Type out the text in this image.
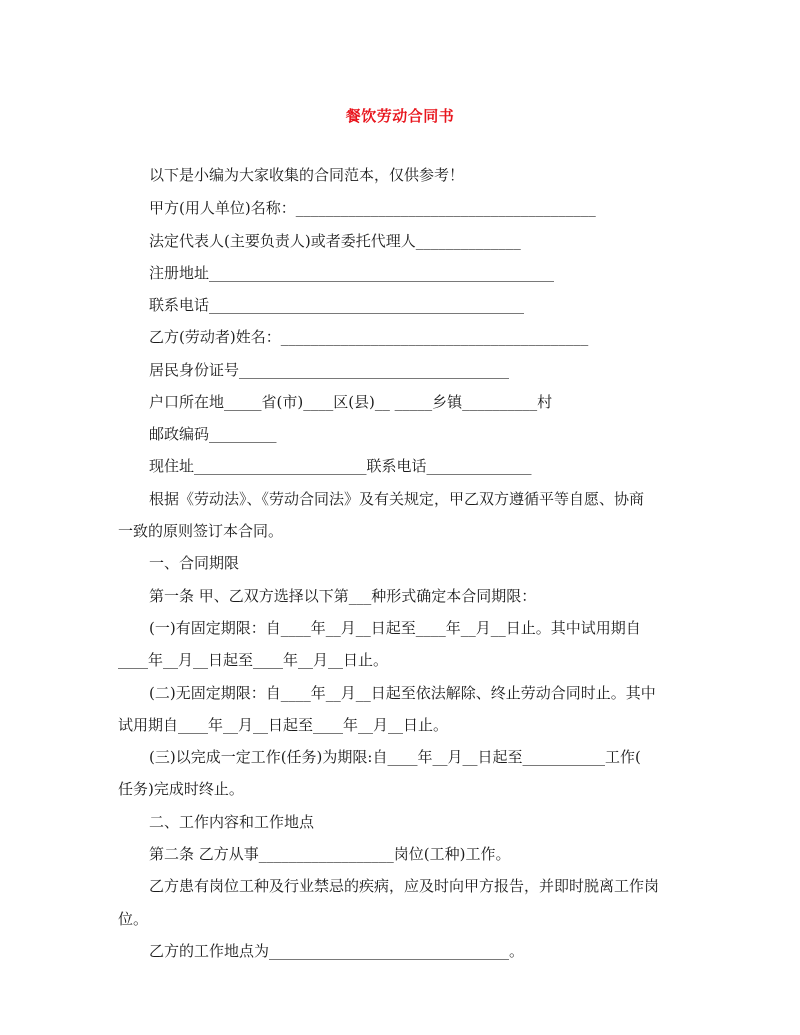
餐饮劳动合同书
以下是小编为大家收集的合同范本，仅供参考！
甲方(用人单位)名称：________________________________________
法定代表人(主要负责人)或者委托代理人______________
注册地址______________________________________________
联系电话__________________________________________
乙方(劳动者)姓名：_________________________________________
居民身份证号____________________________________
户口所在地_____省(市)____区(县)__ _____乡镇__________村
邮政编码_________
现住址_______________________联系电话______________
根据《劳动法》、《劳动合同法》及有关规定，甲乙双方遵循平等自愿、协商
一致的原则签订本合同。
一、合同期限
第一条 甲、乙双方选择以下第___种形式确定本合同期限：
(一)有固定期限：自____年__月__日起至____年__月__日止。其中试用期自
____年__月__日起至____年__月__日止。
(二)无固定期限：自____年__月__日起至依法解除、终止劳动合同时止。其中
试用期自____年__月__日起至____年__月__日止。
(三)以完成一定工作(任务)为期限:自____年__月__日起至___________工作(
任务)完成时终止。
二、工作内容和工作地点
第二条 乙方从事__________________岗位(工种)工作。
乙方患有岗位工种及行业禁忌的疾病，应及时向甲方报告，并即时脱离工作岗
位。
乙方的工作地点为________________________________。
